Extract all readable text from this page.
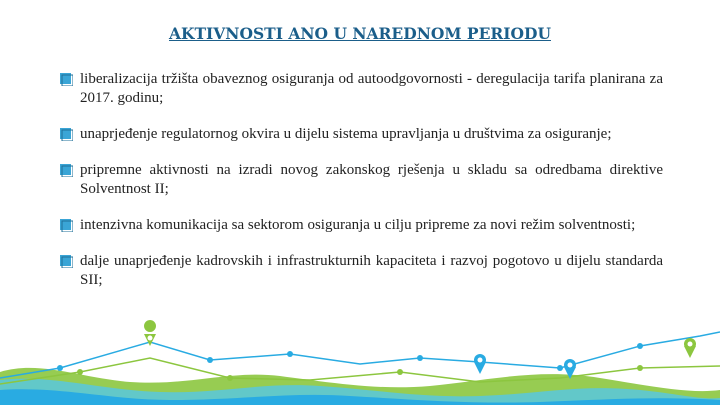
AKTIVNOSTI ANO U NAREDNOM PERIODU
liberalizacija tržišta obaveznog osiguranja od autoodgovornosti - deregulacija tarifa planirana za 2017. godinu;
unaprjeđenje regulatornog okvira u dijelu sistema upravljanja u društvima za osiguranje;
pripremne aktivnosti na izradi novog zakonskog rješenja u skladu sa odredbama direktive Solventnost II;
intenzivna komunikacija sa sektorom osiguranja u cilju pripreme za novi režim solventnosti;
dalje unaprjeđenje kadrovskih i infrastrukturnih kapaciteta i razvoj pogotovo u dijelu standarda SII;
